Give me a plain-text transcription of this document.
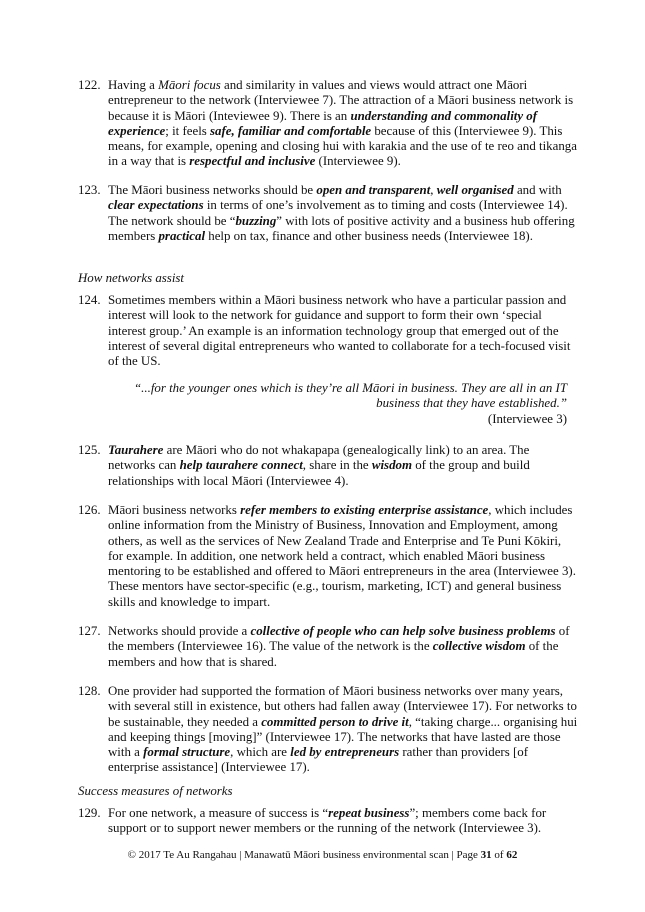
122. Having a Māori focus and similarity in values and views would attract one Māori entrepreneur to the network (Interviewee 7). The attraction of a Māori business network is because it is Māori (Inteviewee 9). There is an understanding and commonality of experience; it feels safe, familiar and comfortable because of this (Interviewee 9). This means, for example, opening and closing hui with karakia and the use of te reo and tikanga in a way that is respectful and inclusive (Interviewee 9).
123. The Māori business networks should be open and transparent, well organised and with clear expectations in terms of one’s involvement as to timing and costs (Interviewee 14). The network should be “buzzing” with lots of positive activity and a business hub offering members practical help on tax, finance and other business needs (Interviewee 18).
How networks assist
124. Sometimes members within a Māori business network who have a particular passion and interest will look to the network for guidance and support to form their own ‘special interest group.’ An example is an information technology group that emerged out of the interest of several digital entrepreneurs who wanted to collaborate for a tech-focused visit of the US.
“...for the younger ones which is they’re all Māori in business. They are all in an IT business that they have established.”
(Interviewee 3)
125. Taurahere are Māori who do not whakapapa (genealogically link) to an area. The networks can help taurahere connect, share in the wisdom of the group and build relationships with local Māori (Interviewee 4).
126. Māori business networks refer members to existing enterprise assistance, which includes online information from the Ministry of Business, Innovation and Employment, among others, as well as the services of New Zealand Trade and Enterprise and Te Puni Kōkiri, for example. In addition, one network held a contract, which enabled Māori business mentoring to be established and offered to Māori entrepreneurs in the area (Interviewee 3). These mentors have sector-specific (e.g., tourism, marketing, ICT) and general business skills and knowledge to impart.
127. Networks should provide a collective of people who can help solve business problems of the members (Interviewee 16). The value of the network is the collective wisdom of the members and how that is shared.
128. One provider had supported the formation of Māori business networks over many years, with several still in existence, but others had fallen away (Interviewee 17). For networks to be sustainable, they needed a committed person to drive it, “taking charge... organising hui and keeping things [moving]” (Interviewee 17). The networks that have lasted are those with a formal structure, which are led by entrepreneurs rather than providers [of enterprise assistance] (Interviewee 17).
Success measures of networks
129. For one network, a measure of success is “repeat business”; members come back for support or to support newer members or the running of the network (Interviewee 3).
© 2017 Te Au Rangahau | Manawatū Māori business environmental scan | Page 31 of 62
